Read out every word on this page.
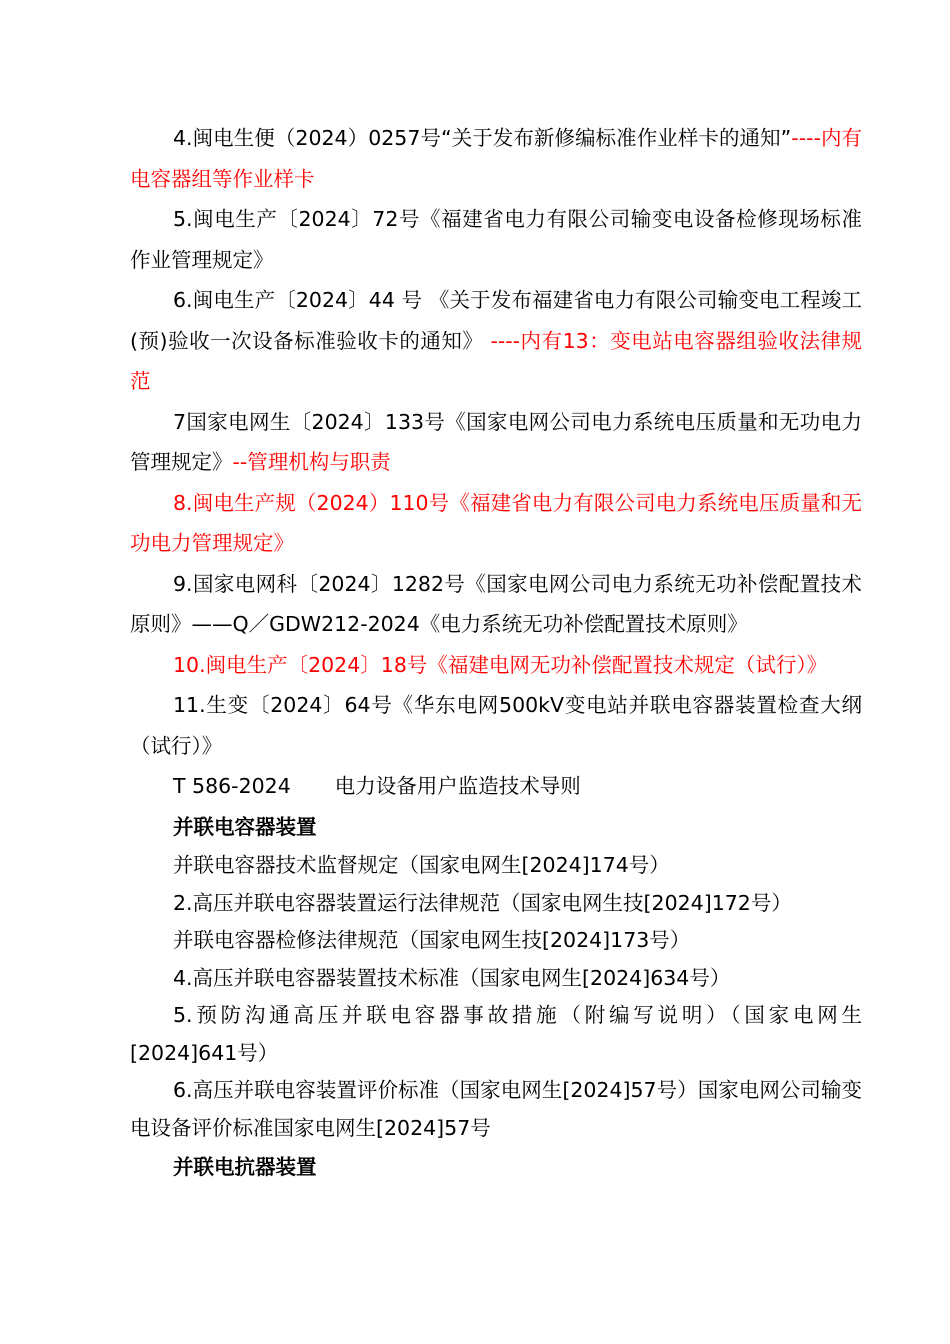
4.闽电生便（2024）0257号“关于发布新修编标准作业样卡的通知”----内有电容器组等作业样卡

5.闽电生产〔2024〕72号《福建省电力有限公司输变电设备检修现场标准作业管理规定》

6.闽电生产〔2024〕44 号 《关于发布福建省电力有限公司输变电工程竣工(预)验收一次设备标准验收卡的通知》 ----内有13：变电站电容器组验收法律规范

7国家电网生〔2024〕133号《国家电网公司电力系统电压质量和无功电力管理规定》--管理机构与职责

8.闽电生产规（2024）110号《福建省电力有限公司电力系统电压质量和无功电力管理规定》

9.国家电网科〔2024〕1282号《国家电网公司电力系统无功补偿配置技术原则》——Q／GDW212-2024《电力系统无功补偿配置技术原则》

10.闽电生产〔2024〕18号《福建电网无功补偿配置技术规定（试行）》

11.生变〔2024〕64号《华东电网500kV变电站并联电容器装置检查大纲（试行）》

T 586-2024 电力设备用户监造技术导则

并联电容器装置

并联电容器技术监督规定（国家电网生[2024]174号）

2.高压并联电容器装置运行法律规范（国家电网生技[2024]172号）

并联电容器检修法律规范（国家电网生技[2024]173号）

4.高压并联电容器装置技术标准（国家电网生[2024]634号）

5.预防沟通高压并联电容器事故措施（附编写说明）（国家电网生[2024]641号）

6.高压并联电容装置评价标准（国家电网生[2024]57号）国家电网公司输变电设备评价标准国家电网生[2024]57号

并联电抗器装置
